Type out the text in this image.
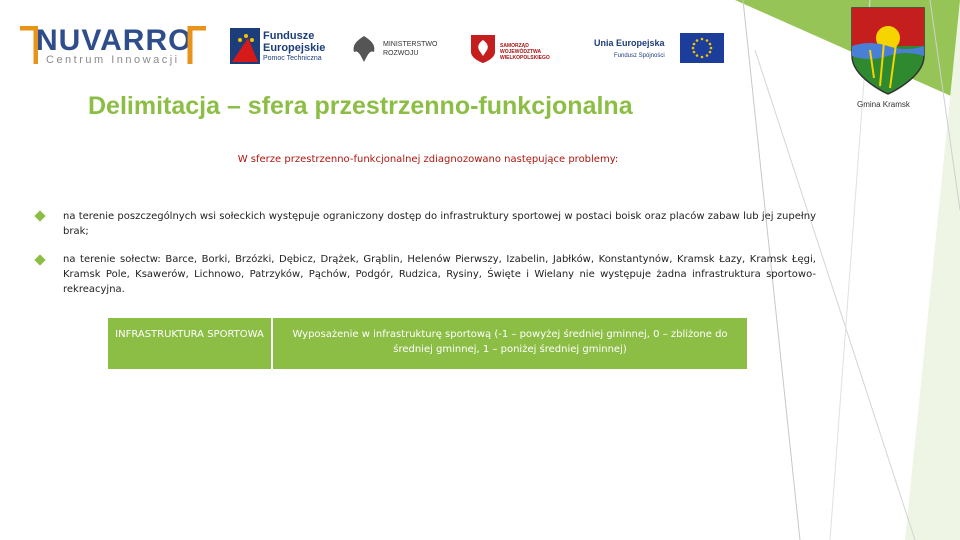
NUVARRO
Centrum Innowacji
Fundusze Europejskie
Pomoc Techniczna
MINISTERSTWO ROZWOJU
SAMORZĄD WOJEWÓDZTWA WIELKOPOLSKIEGO
Unia Europejska
Fundusz Spójności
Gmina Kramsk
Delimitacja – sfera przestrzenno-funkcjonalna
W sferze przestrzenno-funkcjonalnej zdiagnozowano następujące problemy:
na terenie poszczególnych wsi sołeckich występuje ograniczony dostęp do infrastruktury sportowej w postaci boisk oraz placów zabaw lub jej zupełny brak;
na terenie sołectw: Barce, Borki, Brzózki, Dębicz, Drążek, Grąblin, Helenów Pierwszy, Izabelin, Jabłków, Konstantynów, Kramsk Łazy, Kramsk Łęgi, Kramsk Pole, Ksawerów, Lichnowo, Patrzyków, Pąchów, Podgór, Rudzica, Rysiny, Święte i Wielany nie występuje żadna infrastruktura sportowo-rekreacyjna.
INFRASTRUKTURA SPORTOWA	Wyposażenie w infrastrukturę sportową (-1 – powyżej średniej gminnej, 0 – zbliżone do średniej gminnej, 1 – poniżej średniej gminnej)
